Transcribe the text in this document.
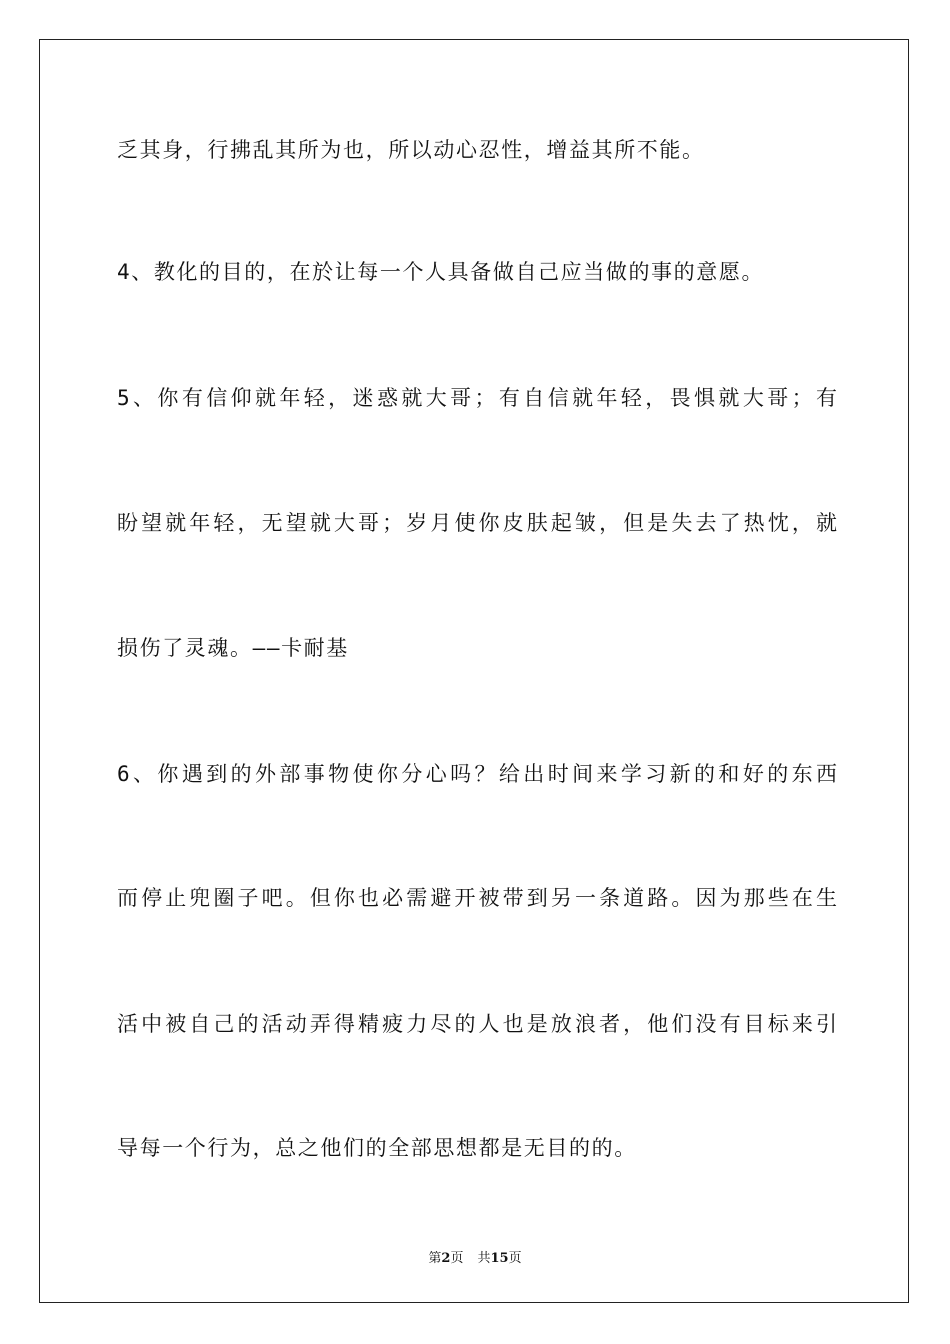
乏其身，行拂乱其所为也，所以动心忍性，增益其所不能。
4、教化的目的，在於让每一个人具备做自己应当做的事的意愿。
5、你有信仰就年轻，迷惑就大哥；有自信就年轻，畏惧就大哥；有
盼望就年轻，无望就大哥；岁月使你皮肤起皱，但是失去了热忱，就
损伤了灵魂。——卡耐基
6、你遇到的外部事物使你分心吗？给出时间来学习新的和好的东西
而停止兜圈子吧。但你也必需避开被带到另一条道路。因为那些在生
活中被自己的活动弄得精疲力尽的人也是放浪者，他们没有目标来引
导每一个行为，总之他们的全部思想都是无目的的。
第2页 共15页
